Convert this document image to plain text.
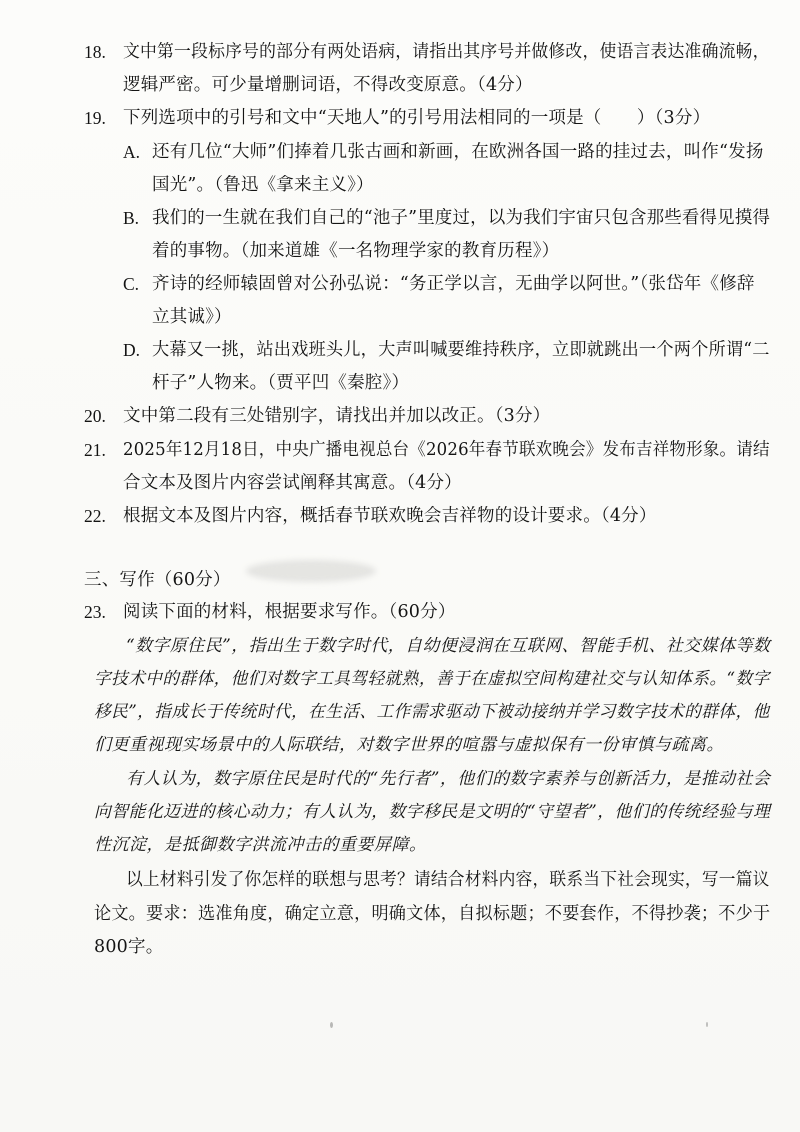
18. 文中第一段标序号的部分有两处语病，请指出其序号并做修改，使语言表达准确流畅，
逻辑严密。可少量增删词语，不得改变原意。（4分）
19. 下列选项中的引号和文中“天地人”的引号用法相同的一项是（　　）（3分）
A. 还有几位“大师”们捧着几张古画和新画，在欧洲各国一路的挂过去，叫作“发扬
国光”。（鲁迅《拿来主义》）
B. 我们的一生就在我们自己的“池子”里度过，以为我们宇宙只包含那些看得见摸得
着的事物。（加来道雄《一名物理学家的教育历程》）
C. 齐诗的经师辕固曾对公孙弘说：“务正学以言，无曲学以阿世。”（张岱年《修辞
立其诚》）
D. 大幕又一挑，站出戏班头儿，大声叫喊要维持秩序，立即就跳出一个两个所谓“二
杆子”人物来。（贾平凹《秦腔》）
20. 文中第二段有三处错别字，请找出并加以改正。（3分）
21. 2025年12月18日，中央广播电视总台《2026年春节联欢晚会》发布吉祥物形象。请结
合文本及图片内容尝试阐释其寓意。（4分）
22. 根据文本及图片内容，概括春节联欢晚会吉祥物的设计要求。（4分）
三、写作（60分）
23. 阅读下面的材料，根据要求写作。（60分）
“数字原住民”，指出生于数字时代，自幼便浸润在互联网、智能手机、社交媒体等数
字技术中的群体，他们对数字工具驾轻就熟，善于在虚拟空间构建社交与认知体系。“数字
移民”，指成长于传统时代，在生活、工作需求驱动下被动接纳并学习数字技术的群体，他
们更重视现实场景中的人际联结，对数字世界的喧嚣与虚拟保有一份审慎与疏离。
有人认为，数字原住民是时代的“先行者”，他们的数字素养与创新活力，是推动社会
向智能化迈进的核心动力；有人认为，数字移民是文明的“守望者”，他们的传统经验与理
性沉淀，是抵御数字洪流冲击的重要屏障。
以上材料引发了你怎样的联想与思考？请结合材料内容，联系当下社会现实，写一篇议
论文。要求：选准角度，确定立意，明确文体，自拟标题；不要套作，不得抄袭；不少于
800字。
